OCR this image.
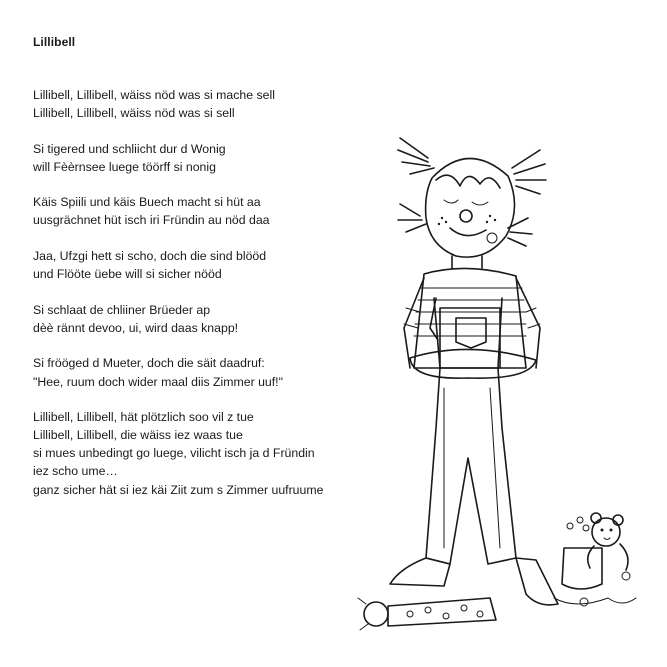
Lillibell
Lillibell, Lillibell, wäiss nöd was si mache sell
Lillibell, Lillibell, wäiss nöd was si sell
Si tigered und schliicht dur d Wonig
will Fèèrnsee luege töörff si nonig
Käis Spiili und käis Buech macht si hüt aa
uusgrächnet hüt isch iri Fründin au nöd daa
Jaa, Ufzgi hett si scho, doch die sind blööd
und Flööte üebe will si sicher nööd
Si schlaat de chliiner Brüeder ap
dèè rännt devoo, ui, wird daas knapp!
Si frööged d Mueter, doch die säit daadruf:
"Hee, ruum doch wider maal diis Zimmer uuf!"
Lillibell, Lillibell, hät plötzlich soo vil z tue
Lillibell, Lillibell, die wäiss iez waas tue
si mues unbedingt go luege, vilicht isch ja d Fründin
iez scho ume…
ganz sicher hät si iez käi Ziit zum s Zimmer uufruume
